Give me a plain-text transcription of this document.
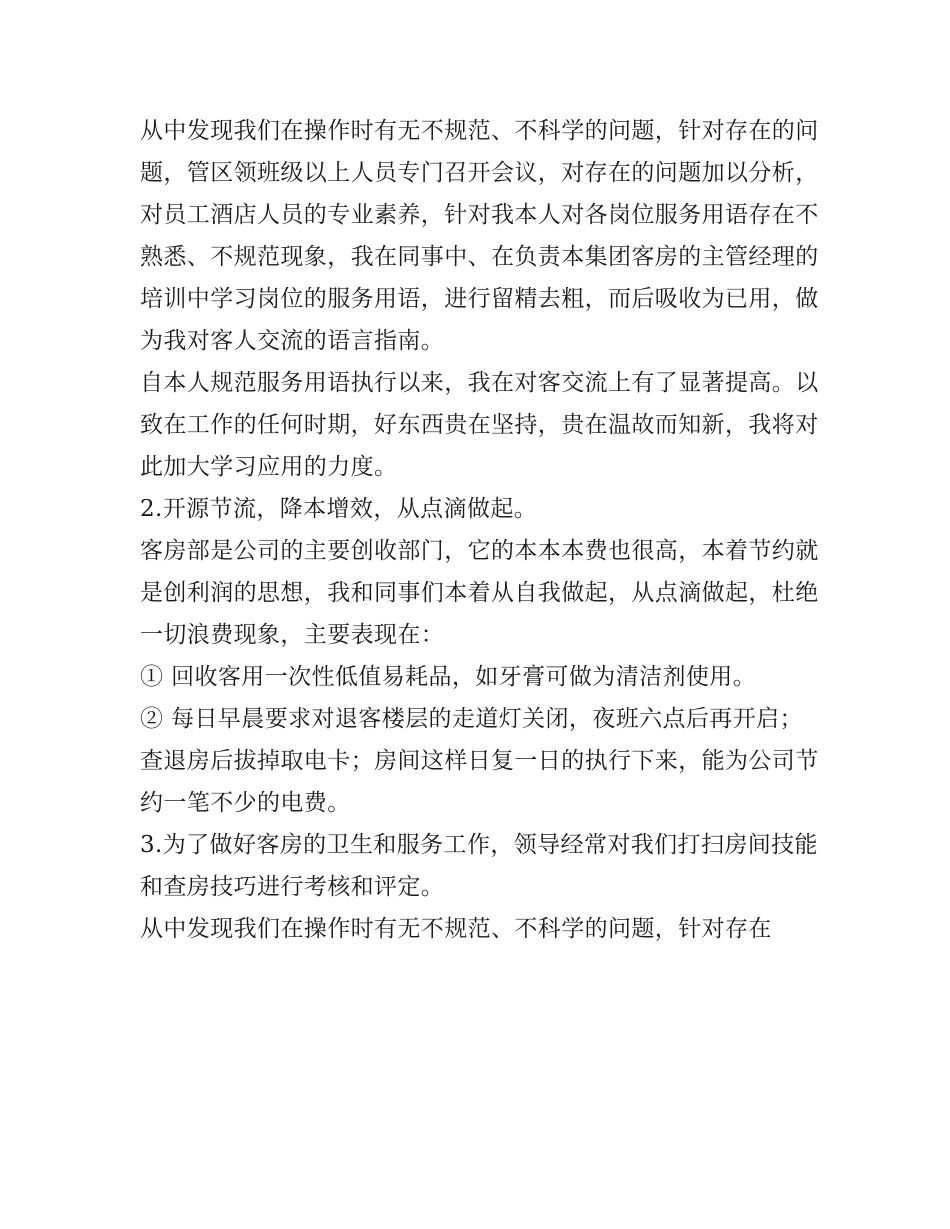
从中发现我们在操作时有无不规范、不科学的问题，针对存在的问题，管区领班级以上人员专门召开会议，对存在的问题加以分析，对员工酒店人员的专业素养，针对我本人对各岗位服务用语存在不熟悉、不规范现象，我在同事中、在负责本集团客房的主管经理的培训中学习岗位的服务用语，进行留精去粗，而后吸收为已用，做为我对客人交流的语言指南。

自本人规范服务用语执行以来，我在对客交流上有了显著提高。以致在工作的任何时期，好东西贵在坚持，贵在温故而知新，我将对此加大学习应用的力度。

2.开源节流，降本增效，从点滴做起。

客房部是公司的主要创收部门，它的本本本费也很高，本着节约就是创利润的思想，我和同事们本着从自我做起，从点滴做起，杜绝一切浪费现象，主要表现在：

① 回收客用一次性低值易耗品，如牙膏可做为清洁剂使用。

② 每日早晨要求对退客楼层的走道灯关闭，夜班六点后再开启；查退房后拔掉取电卡；房间这样日复一日的执行下来，能为公司节约一笔不少的电费。

3.为了做好客房的卫生和服务工作，领导经常对我们打扫房间技能和查房技巧进行考核和评定。

从中发现我们在操作时有无不规范、不科学的问题，针对存在
